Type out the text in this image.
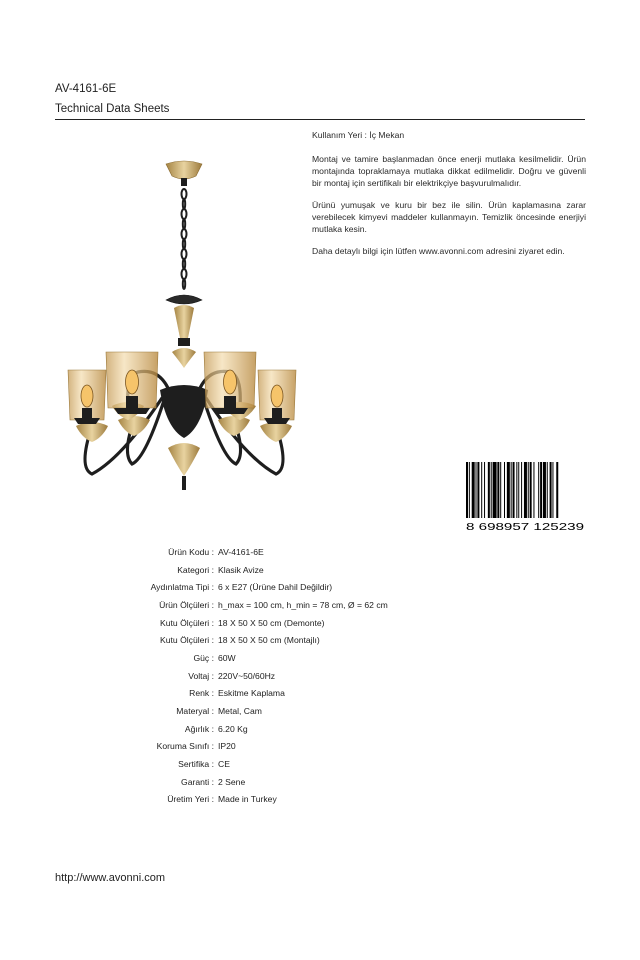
AV-4161-6E
Technical Data Sheets

Kullanım Yeri : İç Mekan

Montaj ve tamire başlanmadan önce enerji mutlaka kesilmelidir. Ürün montajında topraklamaya mutlaka dikkat edilmelidir. Doğru ve güvenli bir montaj için sertifikalı bir elektrikçiye başvurulmalıdır.

Ürünü yumuşak ve kuru bir bez ile silin. Ürün kaplamasına zarar verebilecek kimyevi maddeler kullanmayın. Temizlik öncesinde enerjiyi mutlaka kesin.

Daha detaylı bilgi için lütfen www.avonni.com adresini ziyaret edin.

8 698957 125239
Ürün Kodu : AV-4161-6E
Kategori : Klasik Avize
Aydınlatma Tipi : 6 x E27 (Ürüne Dahil Değildir)
Ürün Ölçüleri : h_max = 100 cm, h_min = 78 cm, Ø = 62 cm
Kutu Ölçüleri : 18 X 50 X 50 cm (Demonte)
Kutu Ölçüleri : 18 X 50 X 50 cm (Montajlı)
Güç : 60W
Voltaj : 220V~50/60Hz
Renk : Eskitme Kaplama
Materyal : Metal, Cam
Ağırlık : 6.20 Kg
Koruma Sınıfı : IP20
Sertifika : CE
Garanti : 2 Sene
Üretim Yeri : Made in Turkey
http://www.avonni.com
